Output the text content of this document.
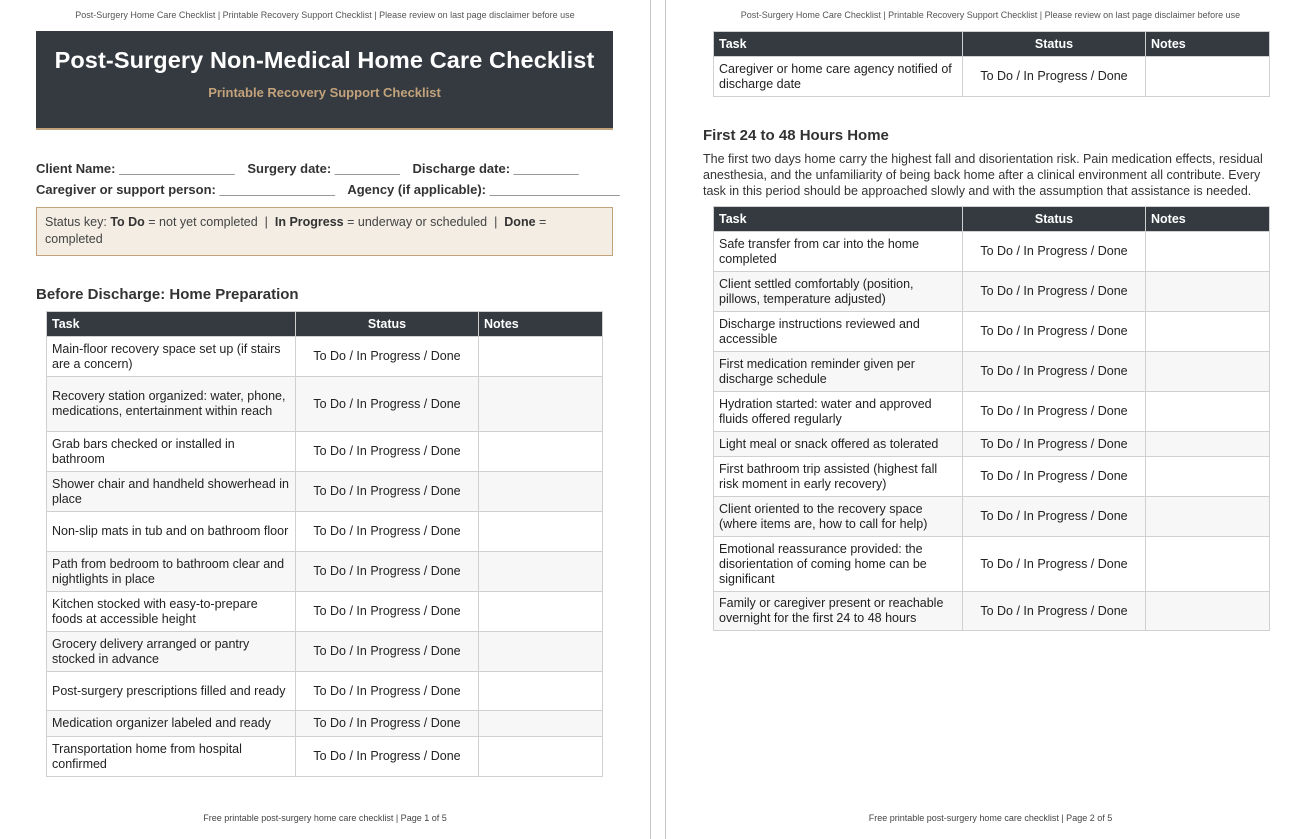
Post-Surgery Home Care Checklist | Printable Recovery Support Checklist | Please review on last page disclaimer before use
Post-Surgery Non-Medical Home Care Checklist
Printable Recovery Support Checklist
Client Name: ________________ Surgery date: _________ Discharge date: _________
Caregiver or support person: ________________ Agency (if applicable): __________________
Status key: To Do = not yet completed  |  In Progress = underway or scheduled  |  Done = completed
Before Discharge: Home Preparation
Task	Status	Notes
Main-floor recovery space set up (if stairs are a concern)	To Do / In Progress / Done	
Recovery station organized: water, phone, medications, entertainment within reach	To Do / In Progress / Done	
Grab bars checked or installed in bathroom	To Do / In Progress / Done	
Shower chair and handheld showerhead in place	To Do / In Progress / Done	
Non-slip mats in tub and on bathroom floor	To Do / In Progress / Done	
Path from bedroom to bathroom clear and nightlights in place	To Do / In Progress / Done	
Kitchen stocked with easy-to-prepare foods at accessible height	To Do / In Progress / Done	
Grocery delivery arranged or pantry stocked in advance	To Do / In Progress / Done	
Post-surgery prescriptions filled and ready	To Do / In Progress / Done	
Medication organizer labeled and ready	To Do / In Progress / Done	
Transportation home from hospital confirmed	To Do / In Progress / Done	
Free printable post-surgery home care checklist | Page 1 of 5
Post-Surgery Home Care Checklist | Printable Recovery Support Checklist | Please review on last page disclaimer before use
Task	Status	Notes
Caregiver or home care agency notified of discharge date	To Do / In Progress / Done	
First 24 to 48 Hours Home
The first two days home carry the highest fall and disorientation risk. Pain medication effects, residual anesthesia, and the unfamiliarity of being back home after a clinical environment all contribute. Every task in this period should be approached slowly and with the assumption that assistance is needed.
Task	Status	Notes
Safe transfer from car into the home completed	To Do / In Progress / Done	
Client settled comfortably (position, pillows, temperature adjusted)	To Do / In Progress / Done	
Discharge instructions reviewed and accessible	To Do / In Progress / Done	
First medication reminder given per discharge schedule	To Do / In Progress / Done	
Hydration started: water and approved fluids offered regularly	To Do / In Progress / Done	
Light meal or snack offered as tolerated	To Do / In Progress / Done	
First bathroom trip assisted (highest fall risk moment in early recovery)	To Do / In Progress / Done	
Client oriented to the recovery space (where items are, how to call for help)	To Do / In Progress / Done	
Emotional reassurance provided: the disorientation of coming home can be significant	To Do / In Progress / Done	
Family or caregiver present or reachable overnight for the first 24 to 48 hours	To Do / In Progress / Done	
Free printable post-surgery home care checklist | Page 2 of 5
